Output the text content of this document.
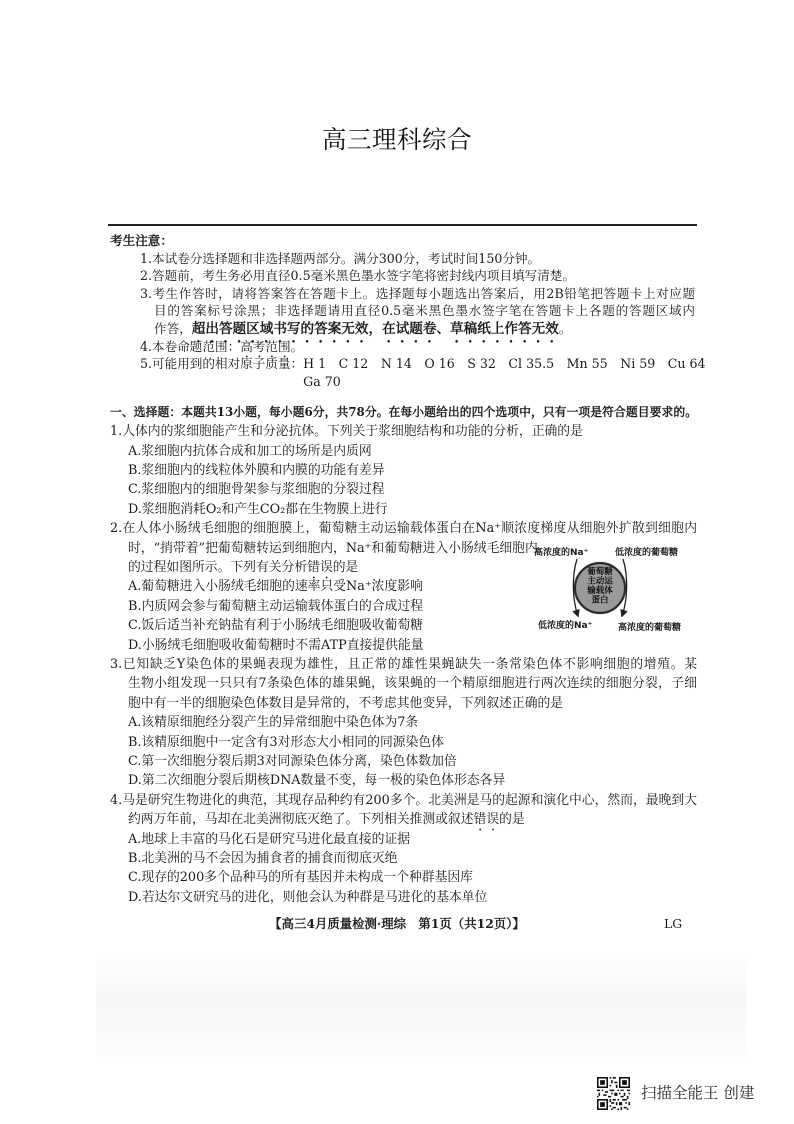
高三理科综合
考生注意：
1.本试卷分选择题和非选择题两部分。满分300分，考试时间150分钟。
2.答题前，考生务必用直径0.5毫米黑色墨水签字笔将密封线内项目填写清楚。
3.考生作答时，请将答案答在答题卡上。选择题每小题选出答案后，用2B铅笔把答题卡上对应题
目的答案标号涂黑；非选择题请用直径0.5毫米黑色墨水签字笔在答题卡上各题的答题区域内
作答，超出答题区域书写的答案无效，在试题卷、草稿纸上作答无效。
4.本卷命题范围：高考范围。
5.可能用到的相对原子质量： H 1 C 12 N 14 O 16 S 32 Cl 35.5 Mn 55 Ni 59 Cu 64
Ga 70
一、选择题：本题共13小题，每小题6分，共78分。在每小题给出的四个选项中，只有一项是符合题目要求的。
1.人体内的浆细胞能产生和分泌抗体。下列关于浆细胞结构和功能的分析，正确的是
A.浆细胞内抗体合成和加工的场所是内质网
B.浆细胞内的线粒体外膜和内膜的功能有差异
C.浆细胞内的细胞骨架参与浆细胞的分裂过程
D.浆细胞消耗O₂和产生CO₂都在生物膜上进行
2.在人体小肠绒毛细胞的细胞膜上，葡萄糖主动运输载体蛋白在Na⁺顺浓度梯度从细胞外扩散到细胞内
时，“捎带着”把葡萄糖转运到细胞内，Na⁺和葡萄糖进入小肠绒毛细胞内
的过程如图所示。下列有关分析错误的是
A.葡萄糖进入小肠绒毛细胞的速率只受Na⁺浓度影响
B.内质网会参与葡萄糖主动运输载体蛋白的合成过程
C.饭后适当补充钠盐有利于小肠绒毛细胞吸收葡萄糖
D.小肠绒毛细胞吸收葡萄糖时不需ATP直接提供能量
3.已知缺乏Y染色体的果蝇表现为雄性，且正常的雄性果蝇缺失一条常染色体不影响细胞的增殖。某
生物小组发现一只只有7条染色体的雄果蝇，该果蝇的一个精原细胞进行两次连续的细胞分裂，子细
胞中有一半的细胞染色体数目是异常的，不考虑其他变异，下列叙述正确的是
A.该精原细胞经分裂产生的异常细胞中染色体为7条
B.该精原细胞中一定含有3对形态大小相同的同源染色体
C.第一次细胞分裂后期3对同源染色体分离，染色体数加倍
D.第二次细胞分裂后期核DNA数量不变，每一极的染色体形态各异
4.马是研究生物进化的典范，其现存品种约有200多个。北美洲是马的起源和演化中心，然而，最晚到大
约两万年前，马却在北美洲彻底灭绝了。下列相关推测或叙述错误的是
A.地球上丰富的马化石是研究马进化最直接的证据
B.北美洲的马不会因为捕食者的捕食而彻底灭绝
C.现存的200多个品种马的所有基因并未构成一个种群基因库
D.若达尔文研究马的进化，则他会认为种群是马进化的基本单位
高浓度的Na⁺	低浓度的葡萄糖
葡萄糖
主动运
输载体
蛋白
低浓度的Na⁺	高浓度的葡萄糖
【高三4月质量检测·理综　第1页（共12页）】	LG
扫描全能王 创建
